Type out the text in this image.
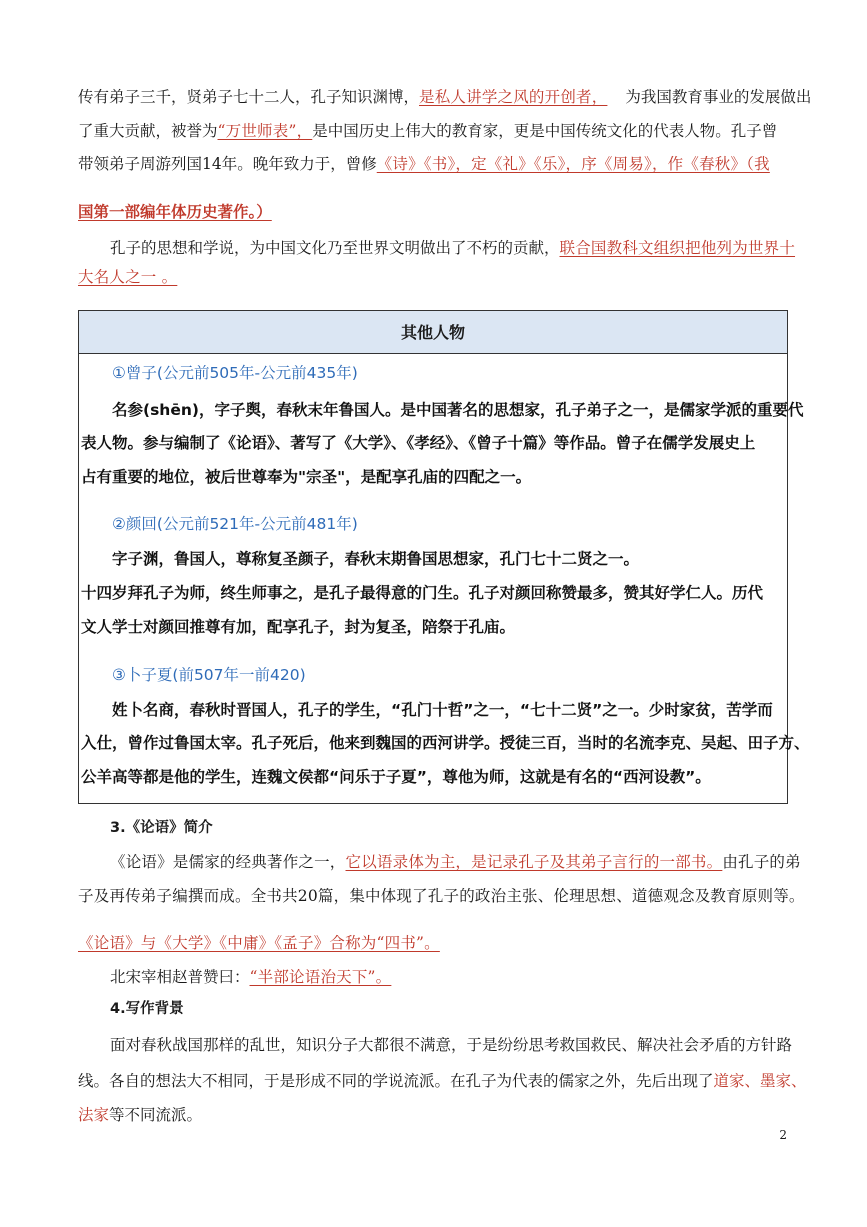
传有弟子三千，贤弟子七十二人，孔子知识渊博，是私人讲学之风的开创者， 为我国教育事业的发展做出
了重大贡献，被誉为“万世师表”，是中国历史上伟大的教育家，更是中国传统文化的代表人物。孔子曾
带领弟子周游列国14年。晚年致力于，曾修《诗》《书》，定《礼》《乐》，序《周易》，作《春秋》（我
国第一部编年体历史著作。）
孔子的思想和学说，为中国文化乃至世界文明做出了不朽的贡献，联合国教科文组织把他列为世界十
大名人之一 。
其他人物
①曾子(公元前505年-公元前435年)
名参(shēn)，字子舆，春秋末年鲁国人。是中国著名的思想家，孔子弟子之一，是儒家学派的重要代
表人物。参与编制了《论语》、著写了《大学》、《孝经》、《曾子十篇》等作品。曾子在儒学发展史上
占有重要的地位，被后世尊奉为"宗圣"，是配享孔庙的四配之一。
②颜回(公元前521年-公元前481年)
字子渊，鲁国人，尊称复圣颜子，春秋末期鲁国思想家，孔门七十二贤之一。
十四岁拜孔子为师，终生师事之，是孔子最得意的门生。孔子对颜回称赞最多，赞其好学仁人。历代
文人学士对颜回推尊有加，配享孔子，封为复圣，陪祭于孔庙。
③卜子夏(前507年一前420)
姓卜名商，春秋时晋国人，孔子的学生，“孔门十哲”之一，“七十二贤”之一。少时家贫，苦学而
入仕，曾作过鲁国太宰。孔子死后，他来到魏国的西河讲学。授徒三百，当时的名流李克、吴起、田子方、
公羊高等都是他的学生，连魏文侯都“问乐于子夏”，尊他为师，这就是有名的“西河设教”。
3.《论语》简介
《论语》是儒家的经典著作之一，它以语录体为主，是记录孔子及其弟子言行的一部书。由孔子的弟
子及再传弟子编撰而成。全书共20篇，集中体现了孔子的政治主张、伦理思想、道德观念及教育原则等。
《论语》与《大学》《中庸》《孟子》合称为“四书”。
北宋宰相赵普赞曰：“半部论语治天下”。
4.写作背景
面对春秋战国那样的乱世，知识分子大都很不满意，于是纷纷思考救国救民、解决社会矛盾的方针路
线。各自的想法大不相同，于是形成不同的学说流派。在孔子为代表的儒家之外，先后出现了道家、墨家、
法家等不同流派。
2
